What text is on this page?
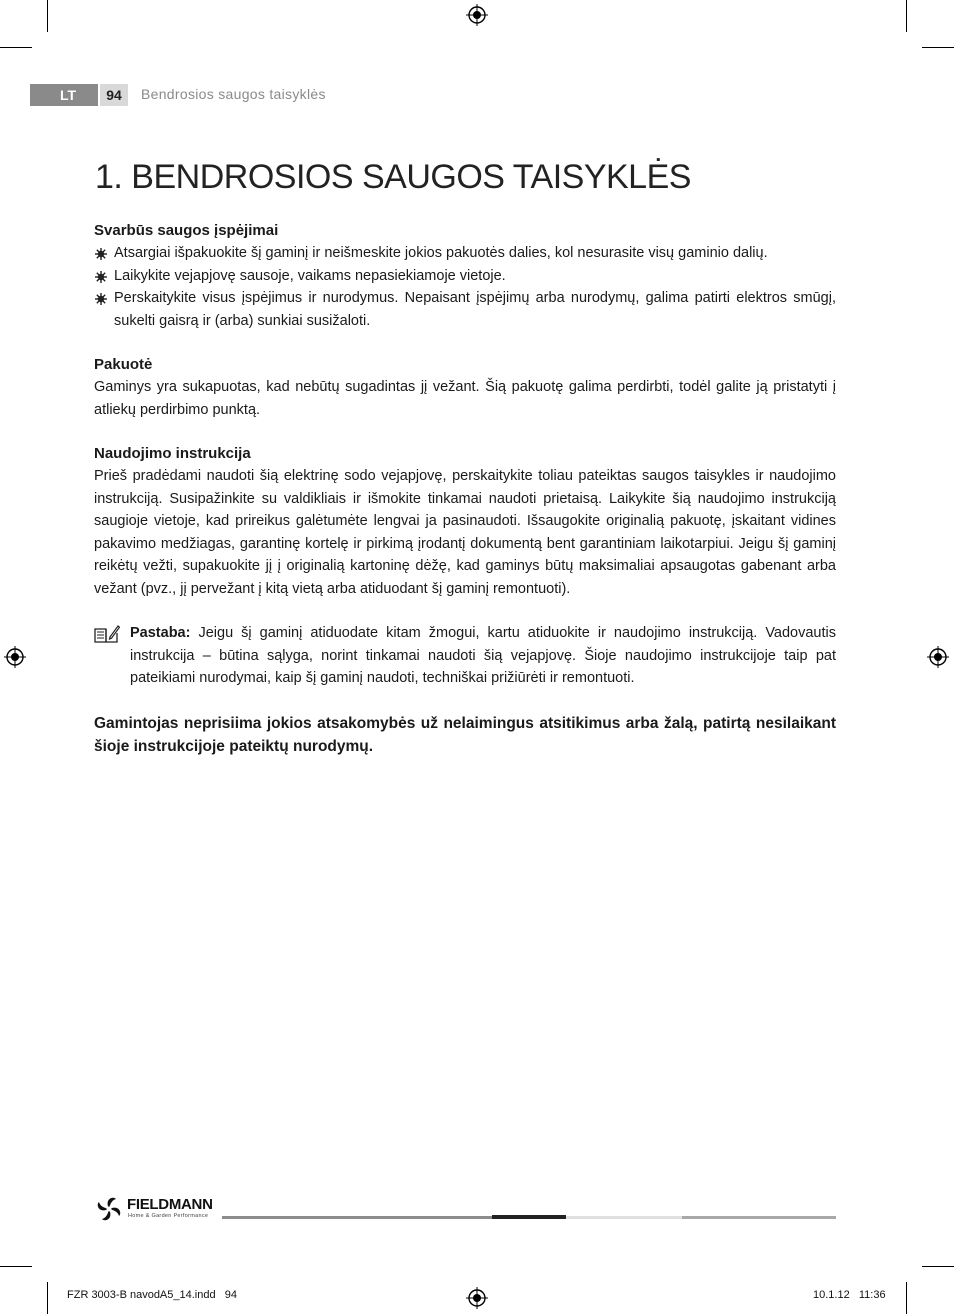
LT	94	Bendrosios saugos taisyklės
1. BENDROSIOS SAUGOS TAISYKLĖS
Svarbūs saugos įspėjimai
Atsargiai išpakuokite šį gaminį ir neišmeskite jokios pakuotės dalies, kol nesurasite visų gaminio dalių.
Laikykite vejapjovę sausoje, vaikams nepasiekiamoje vietoje.
Perskaitykite visus įspėjimus ir nurodymus. Nepaisant įspėjimų arba nurodymų, galima patirti elektros smūgį, sukelti gaisrą ir (arba) sunkiai susižaloti.
Pakuotė

Gaminys yra sukapuotas, kad nebūtų sugadintas jį vežant. Šią pakuotę galima perdirbti, todėl galite ją pristatyti į atliekų perdirbimo punktą.

Naudojimo instrukcija

Prieš pradėdami naudoti šią elektrinę sodo vejapjovę, perskaitykite toliau pateiktas saugos taisykles ir naudojimo instrukciją. Susipažinkite su valdikliais ir išmokite tinkamai naudoti prietaisą. Laikykite šią naudojimo instrukciją saugioje vietoje, kad prireikus galėtumėte lengvai ja pasinaudoti. Išsaugokite originalią pakuotę, įskaitant vidines pakavimo medžiagas, garantinę kortelę ir pirkimą įrodantį dokumentą bent garantiniam laikotarpiui. Jeigu šį gaminį reikėtų vežti, supakuokite jį į originalią kartoninę dėžę, kad gaminys būtų maksimaliai apsaugotas gabenant arba vežant (pvz., jį pervežant į kitą vietą arba atiduodant šį gaminį remontuoti).

Pastaba: Jeigu šį gaminį atiduodate kitam žmogui, kartu atiduokite ir naudojimo instrukciją. Vadovautis instrukcija – būtina sąlyga, norint tinkamai naudoti šią vejapjovę. Šioje naudojimo instrukcijoje taip pat pateikiami nurodymai, kaip šį gaminį naudoti, techniškai prižiūrėti ir remontuoti.

Gamintojas neprisiima jokios atsakomybės už nelaimingus atsitikimus arba žalą, patirtą nesilaikant šioje instrukcijoje pateiktų nurodymų.

FIELDMANN
Home & Garden Performance
FZR 3003-B navodA5_14.indd   94	10.1.12   11:36
